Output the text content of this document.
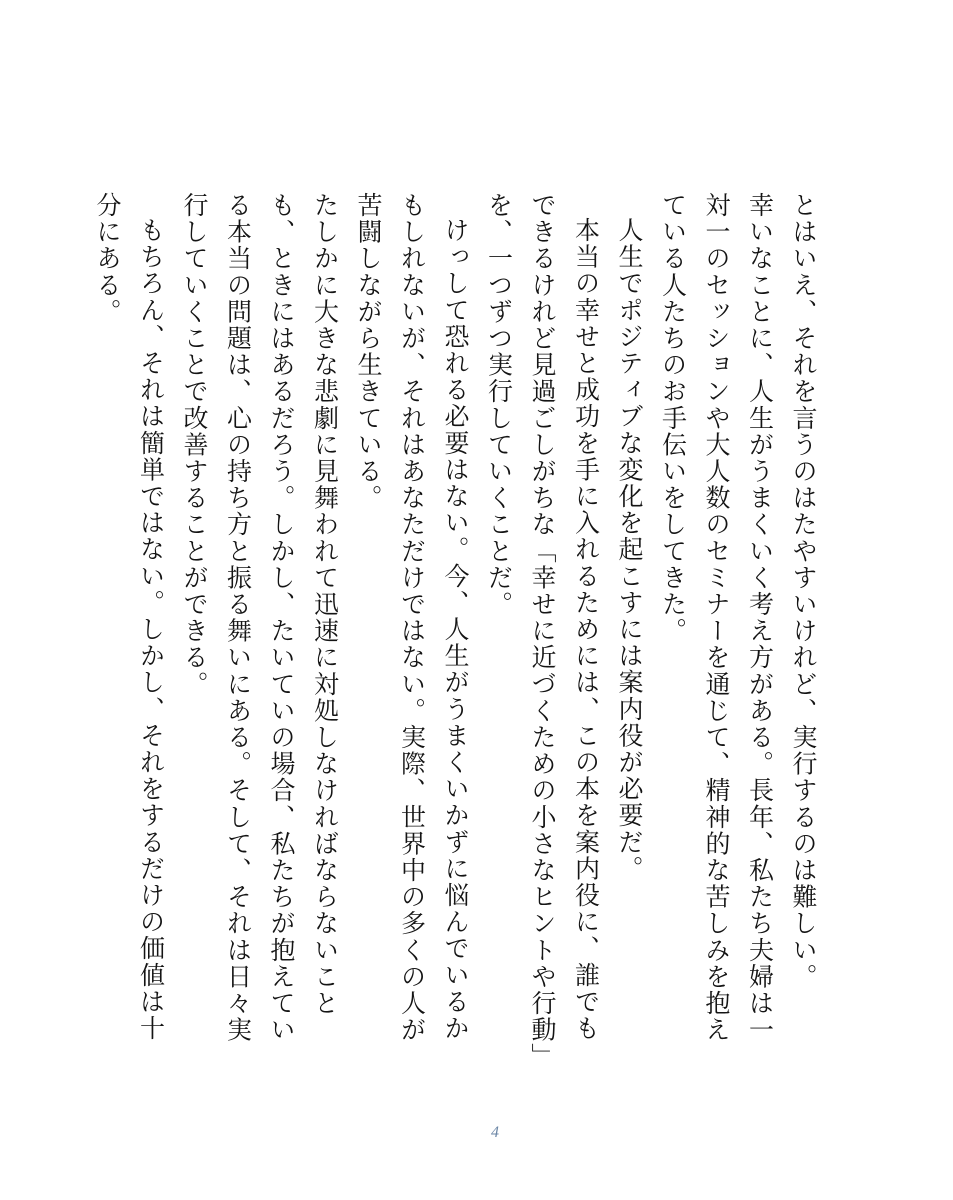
とはいえ、それを言うのはたやすいけれど、実行するのは難しい。

幸いなことに、人生がうまくいく考え方がある。長年、私たち夫婦は一対一のセッションや大人数のセミナーを通じて、精神的な苦しみを抱えている人たちのお手伝いをしてきた。

人生でポジティブな変化を起こすには案内役が必要だ。

本当の幸せと成功を手に入れるためには、この本を案内役に、誰でもできるけれど見過ごしがちな「幸せに近づくための小さなヒントや行動」を、一つずつ実行していくことだ。

けっして恐れる必要はない。今、人生がうまくいかずに悩んでいるかもしれないが、それはあなただけではない。実際、世界中の多くの人が苦闘しながら生きている。

たしかに大きな悲劇に見舞われて迅速に対処しなければならないことも、ときにはあるだろう。しかし、たいていの場合、私たちが抱えている本当の問題は、心の持ち方と振る舞いにある。そして、それは日々実行していくことで改善することができる。

もちろん、それは簡単ではない。しかし、それをするだけの価値は十分にある。

4
